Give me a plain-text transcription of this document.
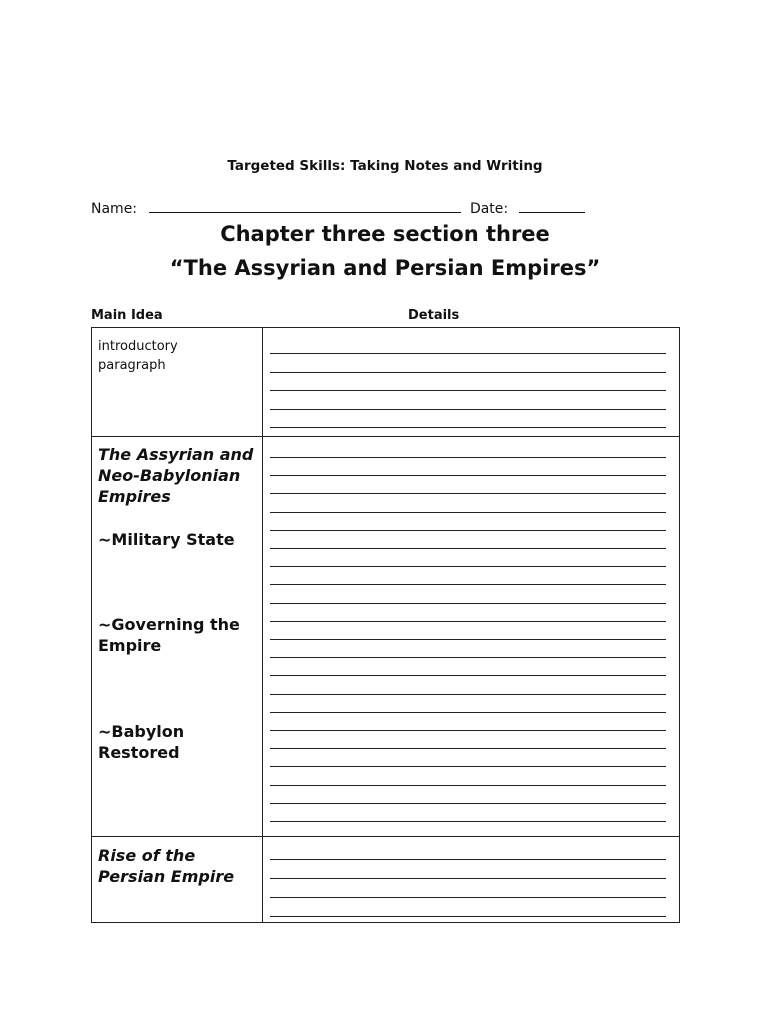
Targeted Skills: Taking Notes and Writing
Name:	Date:
Chapter three section three
“The Assyrian and Persian Empires”
Main Idea	Details
introductory
paragraph
The Assyrian and
Neo-Babylonian
Empires
~Military State
~Governing the
Empire
~Babylon
Restored
Rise of the
Persian Empire
